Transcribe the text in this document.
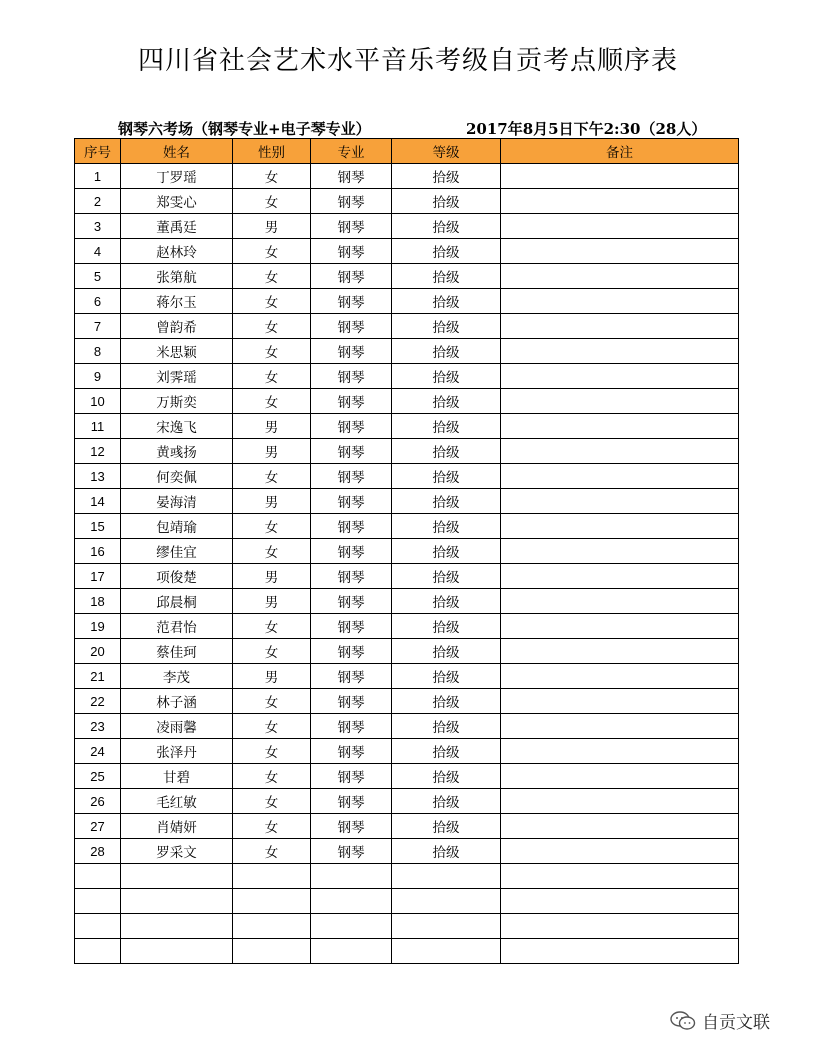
四川省社会艺术水平音乐考级自贡考点顺序表
钢琴六考场（钢琴专业+电子琴专业）	2017年8月5日下午2:30（28人）
序号	姓名	性别	专业	等级	备注
1	丁罗瑶	女	钢琴	拾级	
2	郑雯心	女	钢琴	拾级	
3	董禹廷	男	钢琴	拾级	
4	赵林玲	女	钢琴	拾级	
5	张第航	女	钢琴	拾级	
6	蒋尔玉	女	钢琴	拾级	
7	曾韵希	女	钢琴	拾级	
8	米思颖	女	钢琴	拾级	
9	刘霁瑶	女	钢琴	拾级	
10	万斯奕	女	钢琴	拾级	
11	宋逸飞	男	钢琴	拾级	
12	黄彧扬	男	钢琴	拾级	
13	何奕佩	女	钢琴	拾级	
14	晏海清	男	钢琴	拾级	
15	包靖瑜	女	钢琴	拾级	
16	缪佳宜	女	钢琴	拾级	
17	项俊楚	男	钢琴	拾级	
18	邱晨桐	男	钢琴	拾级	
19	范君怡	女	钢琴	拾级	
20	蔡佳珂	女	钢琴	拾级	
21	李茂	男	钢琴	拾级	
22	林子涵	女	钢琴	拾级	
23	凌雨馨	女	钢琴	拾级	
24	张泽丹	女	钢琴	拾级	
25	甘碧	女	钢琴	拾级	
26	毛红敏	女	钢琴	拾级	
27	肖婧妍	女	钢琴	拾级	
28	罗采文	女	钢琴	拾级	

自贡文联
